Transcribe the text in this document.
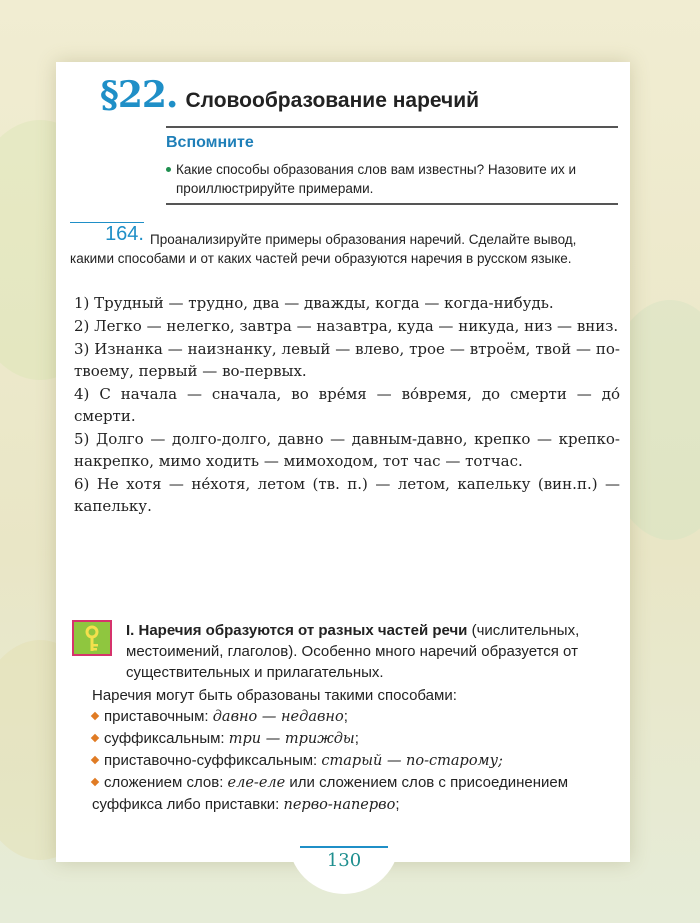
§22. Словообразование наречий
Вспомните
Какие способы образования слов вам известны? Назовите их и проиллюстрируйте примерами.
164. Проанализируйте примеры образования наречий. Сделайте вывод, какими способами и от каких частей речи образуются наречия в русском языке.

1) Трудный — трудно, два — дважды, когда — когда-нибудь.

2) Легко — нелегко, завтра — назавтра, куда — никуда, низ — вниз.

3) Изнанка — наизнанку, левый — влево, трое — втроём, твой — по-твоему, первый — во-первых.

4) С начала — сначала, во вре́мя — во́время, до смерти — до́ смерти.

5) Долго — долго-долго, давно — давным-давно, крепко — крепко-накрепко, мимо ходить — мимоходом, тот час — тотчас.

6) Не хотя — не́хотя, летом (тв. п.) — летом, капельку (вин.п.) — капельку.

I. Наречия образуются от разных частей речи (числительных, местоимений, глаголов). Особенно много наречий образуется от существительных и прилагательных.
Наречия могут быть образованы такими способами:
приставочным: давно — недавно;
суффиксальным: три — трижды;
приставочно-суффиксальным: старый — по-старому;
сложением слов: еле-еле или сложением слов с присоединением суффикса либо приставки: перво-наперво;
130
